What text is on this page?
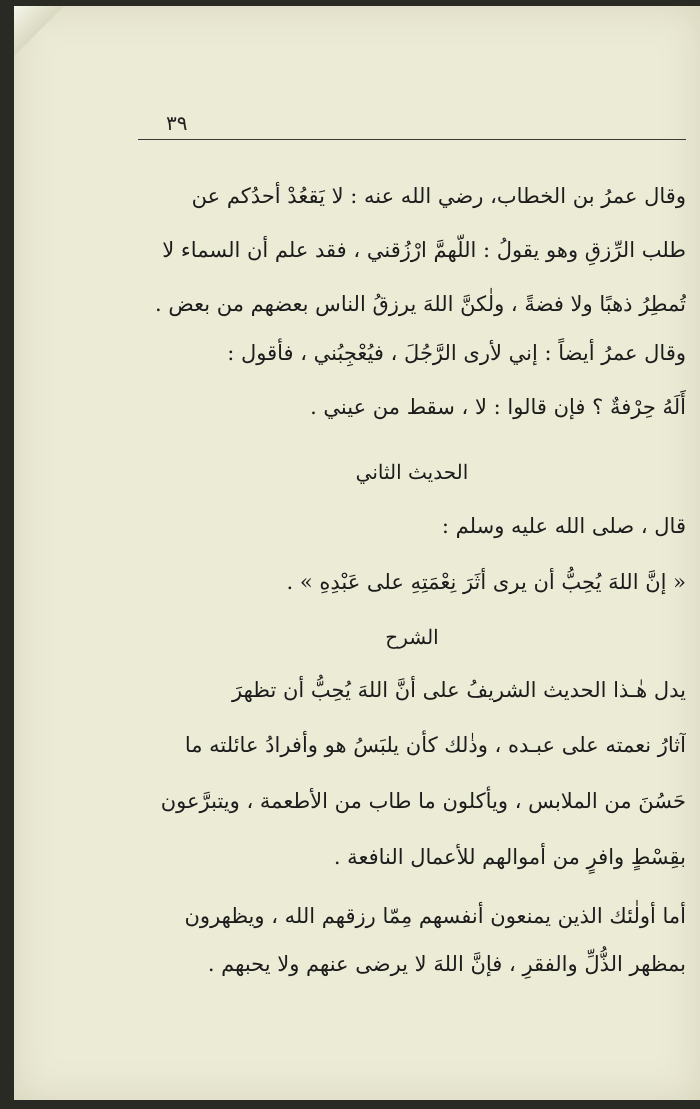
٣٩
وقال عمرُ بن الخطاب، رضي الله عنه : لا يَقعُدْ أحدُكم عن
طلب الرِّزقِ وهو يقولُ : اللّهمَّ ارْزُقني ، فقد علم أن السماء لا
تُمطِرُ ذهبًا ولا فضةً ، ولٰكنَّ اللهَ يرزقُ الناس بعضهم من بعض .
وقال عمرُ أيضاً : إني لأرى الرَّجُلَ ، فيُعْجِبُني ، فأقول :
أَلَهُ حِرْفةٌ ؟ فإن قالوا : لا ، سقط من عيني .
الحديث الثاني
قال ، صلى الله عليه وسلم :
« إنَّ اللهَ يُحِبُّ أن يرى أثَرَ نِعْمَتِهِ على عَبْدِهِ » .
الشرح
يدل هٰـذا الحديث الشريفُ على أنَّ اللهَ يُحِبُّ أن تظهرَ
آثارُ نعمته على عبـده ، وذٰلك كأن يلبَسُ هو وأفرادُ عائلته ما
حَسُنَ من الملابس ، ويأكلون ما طاب من الأطعمة ، ويتبرَّعون
بقِسْطٍ وافرٍ من أموالهم للأعمال النافعة .
أما أولٰئك الذين يمنعون أنفسهم مِمّا رزقهم الله ، ويظهرون
بمظهر الذُّلِّ والفقرِ ، فإنَّ اللهَ لا يرضى عنهم ولا يحبهم .
